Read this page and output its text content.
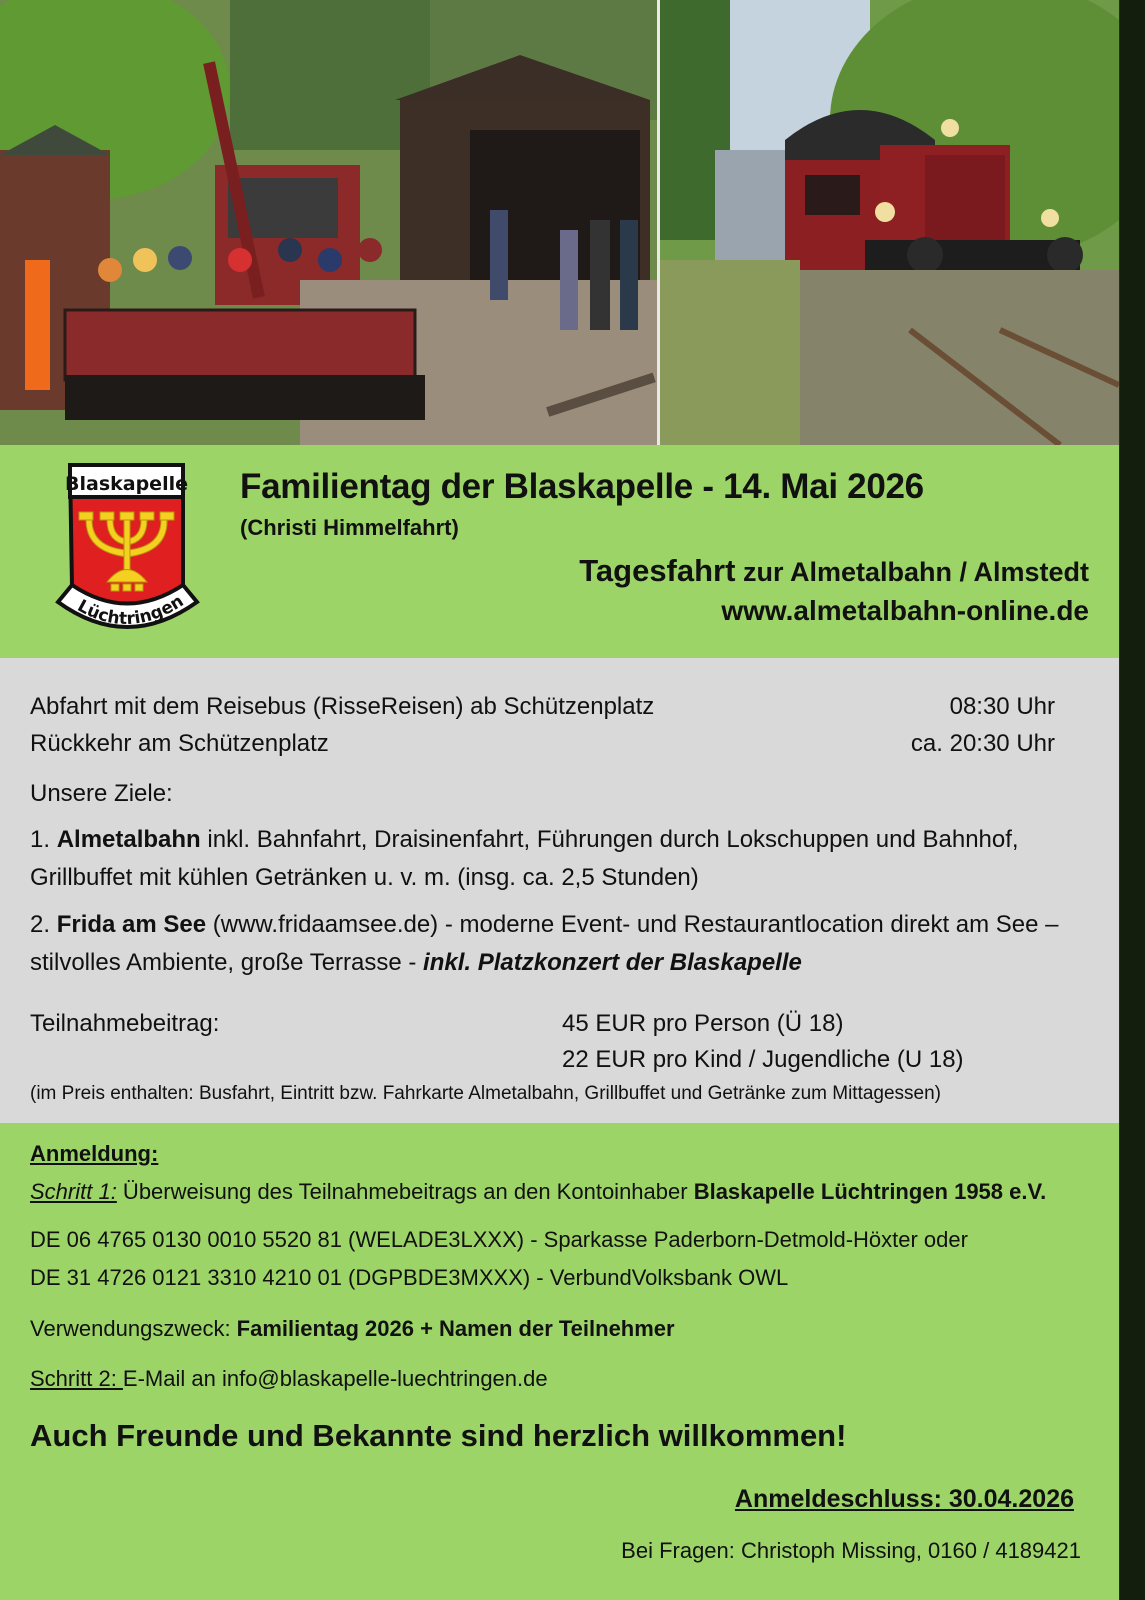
Blaskapelle
Lüchtringen
Familientag der Blaskapelle - 14. Mai 2026
(Christi Himmelfahrt)
Tagesfahrt zur Almetalbahn / Almstedt
www.almetalbahn-online.de
Abfahrt mit dem Reisebus (RisseReisen) ab Schützenplatz	08:30 Uhr
Rückkehr am Schützenplatz	ca. 20:30 Uhr
Unsere Ziele:
1. Almetalbahn inkl. Bahnfahrt, Draisinenfahrt, Führungen durch Lokschuppen und Bahnhof, Grillbuffet mit kühlen Getränken u. v. m. (insg. ca. 2,5 Stunden)
2. Frida am See (www.fridaamsee.de) - moderne Event- und Restaurantlocation direkt am See – stilvolles Ambiente, große Terrasse - inkl. Platzkonzert der Blaskapelle
Teilnahmebeitrag:	45 EUR pro Person (Ü 18)
22 EUR pro Kind / Jugendliche (U 18)
(im Preis enthalten: Busfahrt, Eintritt bzw. Fahrkarte Almetalbahn, Grillbuffet und Getränke zum Mittagessen)
Anmeldung:
Schritt 1: Überweisung des Teilnahmebeitrags an den Kontoinhaber Blaskapelle Lüchtringen 1958 e.V.
DE 06 4765 0130 0010 5520 81 (WELADE3LXXX) - Sparkasse Paderborn-Detmold-Höxter oder
DE 31 4726 0121 3310 4210 01 (DGPBDE3MXXX) - VerbundVolksbank OWL
Verwendungszweck: Familientag 2026 + Namen der Teilnehmer
Schritt 2: E-Mail an info@blaskapelle-luechtringen.de
Auch Freunde und Bekannte sind herzlich willkommen!
Anmeldeschluss: 30.04.2026
Bei Fragen: Christoph Missing, 0160 / 4189421
